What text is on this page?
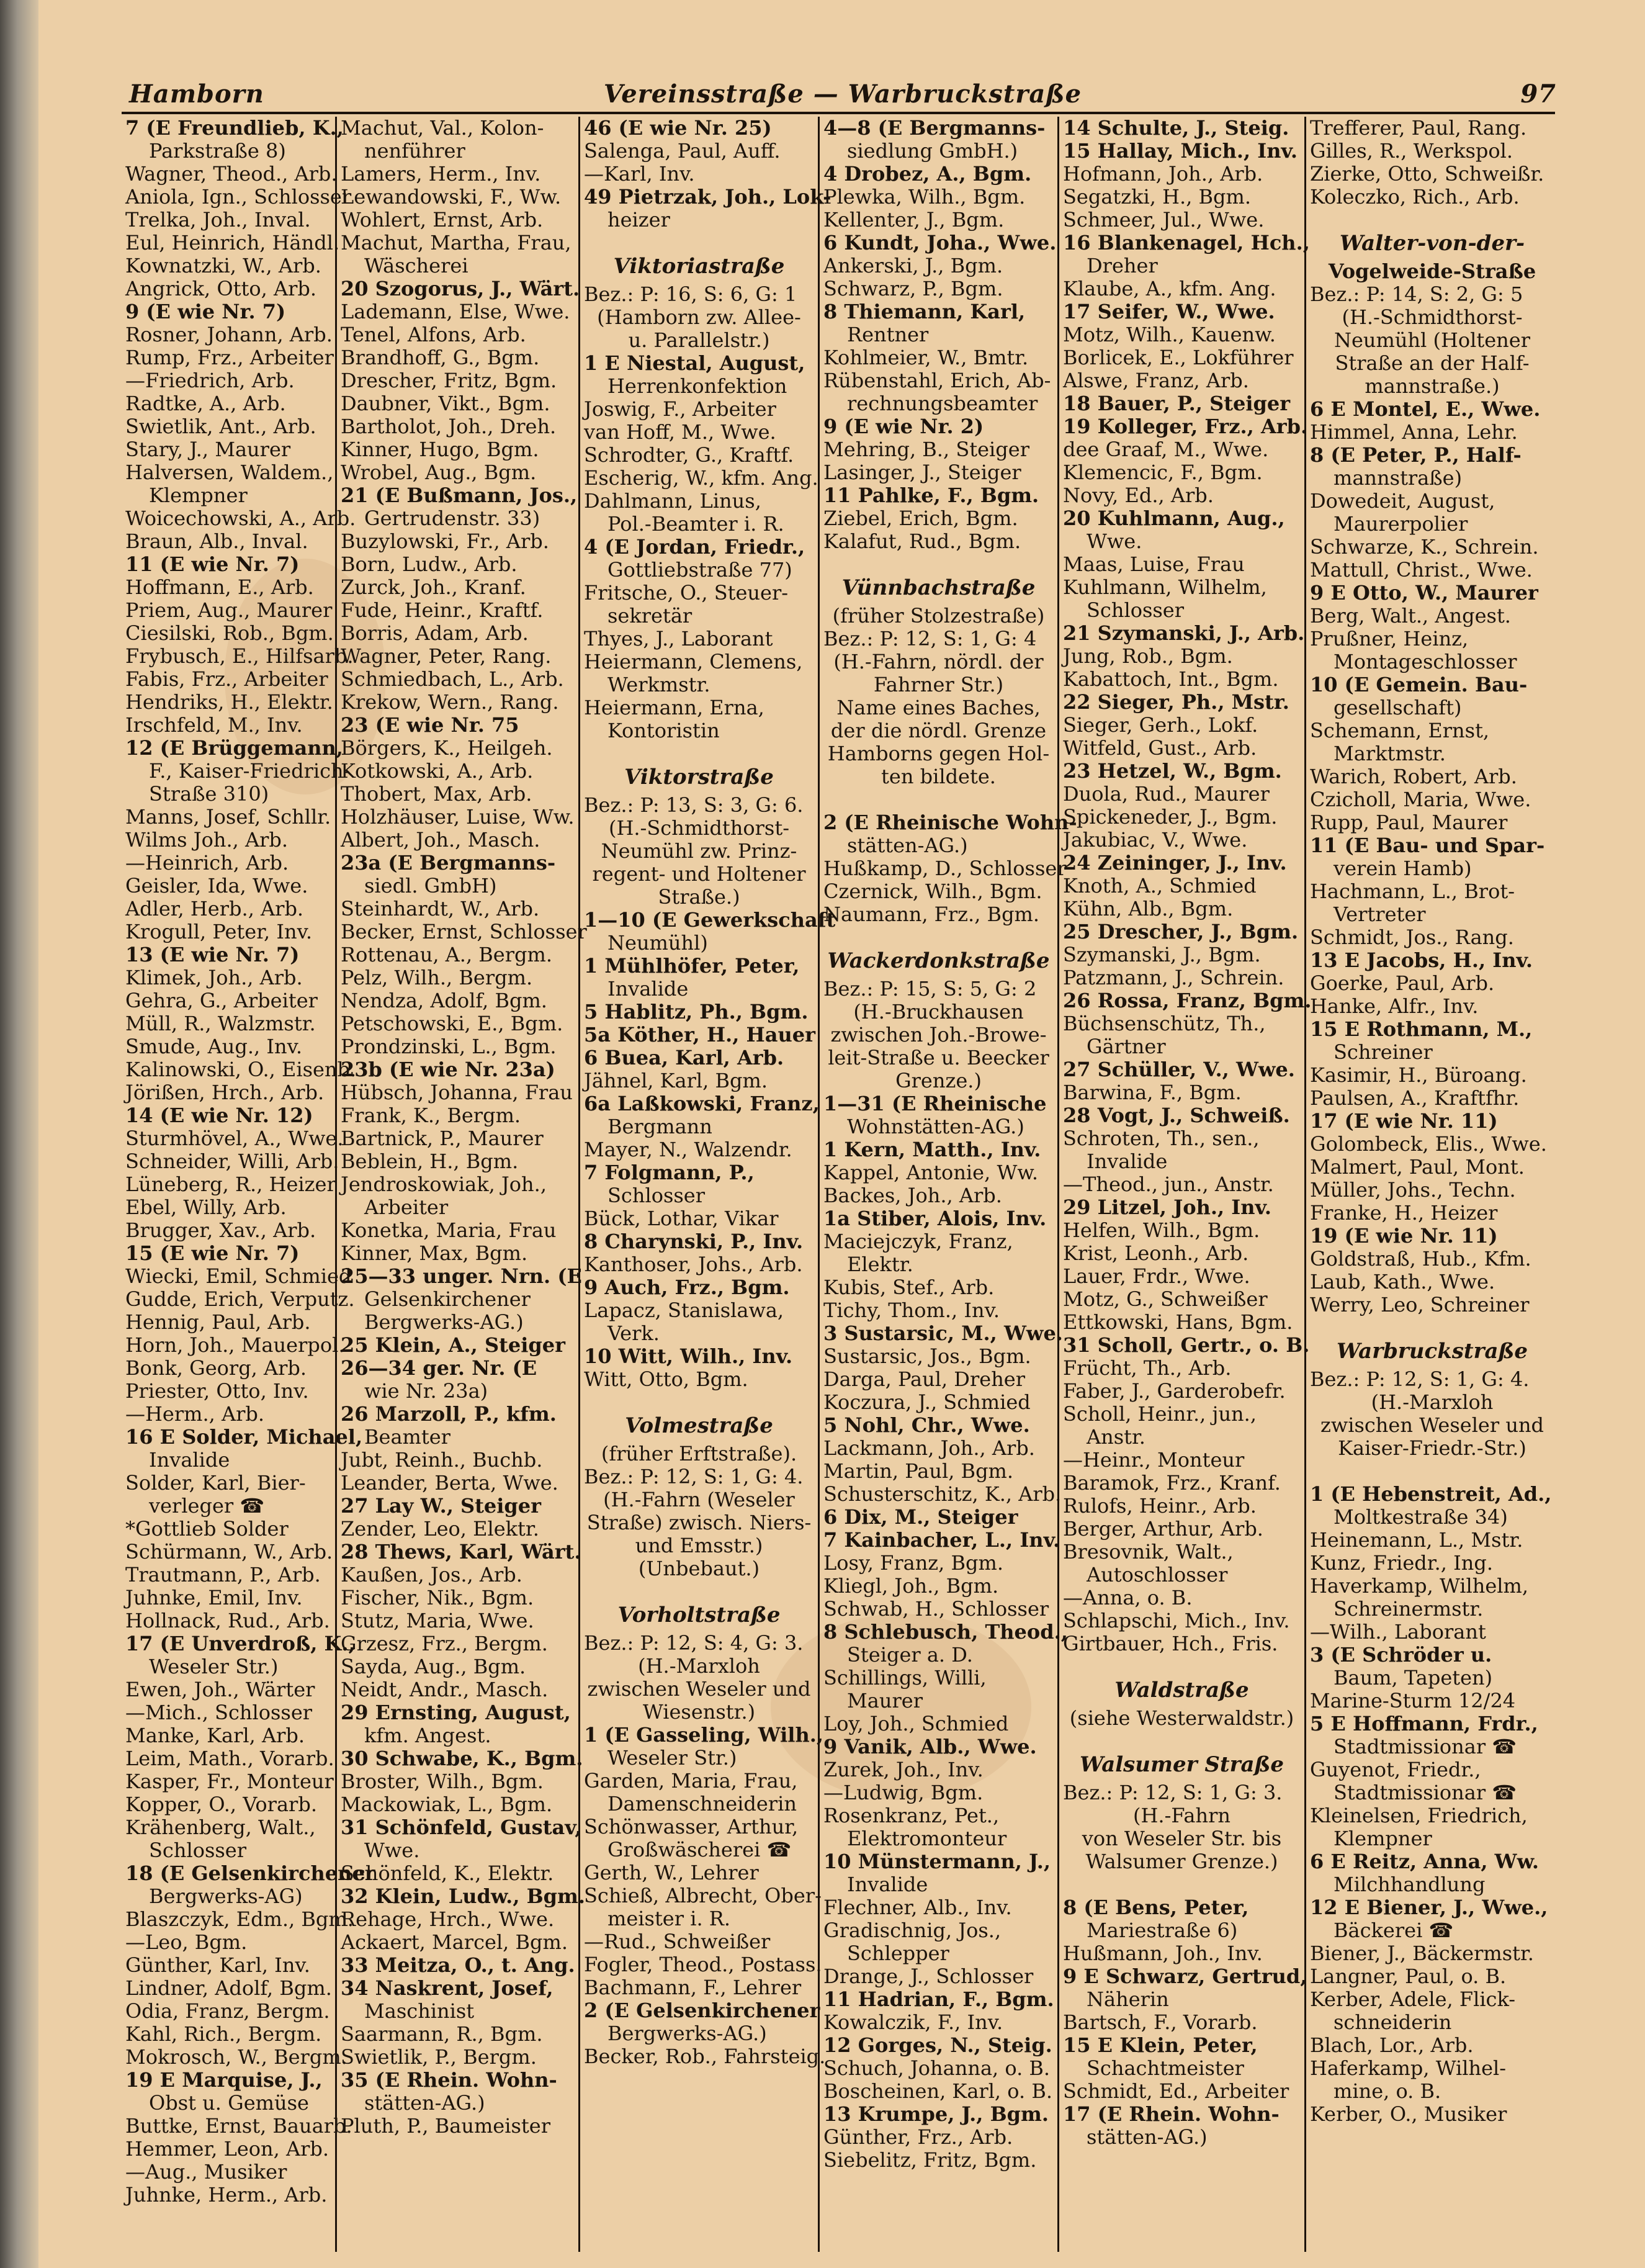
Hamborn	Vereinsstraße — Warbruckstraße	97
7 (E Freundlieb, K.,
Parkstraße 8)
Wagner, Theod., Arb.
Aniola, Ign., Schlosser
Trelka, Joh., Inval.
Eul, Heinrich, Händl.
Kownatzki, W., Arb.
Angrick, Otto, Arb.
9 (E wie Nr. 7)
Rosner, Johann, Arb.
Rump, Frz., Arbeiter
—Friedrich, Arb.
Radtke, A., Arb.
Swietlik, Ant., Arb.
Stary, J., Maurer
Halversen, Waldem.,
Klempner
Woicechowski, A., Arb.
Braun, Alb., Inval.
11 (E wie Nr. 7)
Hoffmann, E., Arb.
Priem, Aug., Maurer
Ciesilski, Rob., Bgm.
Frybusch, E., Hilfsarb.
Fabis, Frz., Arbeiter
Hendriks, H., Elektr.
Irschfeld, M., Inv.
12 (E Brüggemann,
F., Kaiser-Friedrich-
Straße 310)
Manns, Josef, Schllr.
Wilms Joh., Arb.
—Heinrich, Arb.
Geisler, Ida, Wwe.
Adler, Herb., Arb.
Krogull, Peter, Inv.
13 (E wie Nr. 7)
Klimek, Joh., Arb.
Gehra, G., Arbeiter
Müll, R., Walzmstr.
Smude, Aug., Inv.
Kalinowski, O., Eisenb.
Jörißen, Hrch., Arb.
14 (E wie Nr. 12)
Sturmhövel, A., Wwe.
Schneider, Willi, Arb.
Lüneberg, R., Heizer
Ebel, Willy, Arb.
Brugger, Xav., Arb.
15 (E wie Nr. 7)
Wiecki, Emil, Schmied
Gudde, Erich, Verputz.
Hennig, Paul, Arb.
Horn, Joh., Mauerpol.
Bonk, Georg, Arb.
Priester, Otto, Inv.
—Herm., Arb.
16 E Solder, Michael,
Invalide
Solder, Karl, Bier-
verleger ☎
*Gottlieb Solder
Schürmann, W., Arb.
Trautmann, P., Arb.
Juhnke, Emil, Inv.
Hollnack, Rud., Arb.
17 (E Unverdroß, K.,
Weseler Str.)
Ewen, Joh., Wärter
—Mich., Schlosser
Manke, Karl, Arb.
Leim, Math., Vorarb.
Kasper, Fr., Monteur
Kopper, O., Vorarb.
Krähenberg, Walt.,
Schlosser
18 (E Gelsenkirchener
Bergwerks-AG)
Blaszczyk, Edm., Bgm.
—Leo, Bgm.
Günther, Karl, Inv.
Lindner, Adolf, Bgm.
Odia, Franz, Bergm.
Kahl, Rich., Bergm.
Mokrosch, W., Bergm.
19 E Marquise, J.,
Obst u. Gemüse
Buttke, Ernst, Bauarb.
Hemmer, Leon, Arb.
—Aug., Musiker
Juhnke, Herm., Arb.
Machut, Val., Kolon-
nenführer
Lamers, Herm., Inv.
Lewandowski, F., Ww.
Wohlert, Ernst, Arb.
Machut, Martha, Frau,
Wäscherei
20 Szogorus, J., Wärt.
Lademann, Else, Wwe.
Tenel, Alfons, Arb.
Brandhoff, G., Bgm.
Drescher, Fritz, Bgm.
Daubner, Vikt., Bgm.
Bartholot, Joh., Dreh.
Kinner, Hugo, Bgm.
Wrobel, Aug., Bgm.
21 (E Bußmann, Jos.,
Gertrudenstr. 33)
Buzylowski, Fr., Arb.
Born, Ludw., Arb.
Zurck, Joh., Kranf.
Fude, Heinr., Kraftf.
Borris, Adam, Arb.
Wagner, Peter, Rang.
Schmiedbach, L., Arb.
Krekow, Wern., Rang.
23 (E wie Nr. 75
Börgers, K., Heilgeh.
Kotkowski, A., Arb.
Thobert, Max, Arb.
Holzhäuser, Luise, Ww.
Albert, Joh., Masch.
23a (E Bergmanns-
siedl. GmbH)
Steinhardt, W., Arb.
Becker, Ernst, Schlosser
Rottenau, A., Bergm.
Pelz, Wilh., Bergm.
Nendza, Adolf, Bgm.
Petschowski, E., Bgm.
Prondzinski, L., Bgm.
23b (E wie Nr. 23a)
Hübsch, Johanna, Frau
Frank, K., Bergm.
Bartnick, P., Maurer
Beblein, H., Bgm.
Jendroskowiak, Joh.,
Arbeiter
Konetka, Maria, Frau
Kinner, Max, Bgm.
25—33 unger. Nrn. (E
Gelsenkirchener
Bergwerks-AG.)
25 Klein, A., Steiger
26—34 ger. Nr. (E
wie Nr. 23a)
26 Marzoll, P., kfm.
Beamter
Jubt, Reinh., Buchb.
Leander, Berta, Wwe.
27 Lay W., Steiger
Zender, Leo, Elektr.
28 Thews, Karl, Wärt.
Kaußen, Jos., Arb.
Fischer, Nik., Bgm.
Stutz, Maria, Wwe.
Grzesz, Frz., Bergm.
Sayda, Aug., Bgm.
Neidt, Andr., Masch.
29 Ernsting, August,
kfm. Angest.
30 Schwabe, K., Bgm.
Broster, Wilh., Bgm.
Mackowiak, L., Bgm.
31 Schönfeld, Gustav,
Wwe.
Schönfeld, K., Elektr.
32 Klein, Ludw., Bgm.
Rehage, Hrch., Wwe.
Ackaert, Marcel, Bgm.
33 Meitza, O., t. Ang.
34 Naskrent, Josef,
Maschinist
Saarmann, R., Bgm.
Swietlik, P., Bergm.
35 (E Rhein. Wohn-
stätten-AG.)
Pluth, P., Baumeister
46 (E wie Nr. 25)
Salenga, Paul, Auff.
—Karl, Inv.
49 Pietrzak, Joh., Lok-
heizer
Viktoriastraße
Bez.: P: 16, S: 6, G: 1
(Hamborn zw. Allee-
u. Parallelstr.)
1 E Niestal, August,
Herrenkonfektion
Joswig, F., Arbeiter
van Hoff, M., Wwe.
Schrodter, G., Kraftf.
Escherig, W., kfm. Ang.
Dahlmann, Linus,
Pol.-Beamter i. R.
4 (E Jordan, Friedr.,
Gottliebstraße 77)
Fritsche, O., Steuer-
sekretär
Thyes, J., Laborant
Heiermann, Clemens,
Werkmstr.
Heiermann, Erna,
Kontoristin
Viktorstraße
Bez.: P: 13, S: 3, G: 6.
(H.-Schmidthorst-
Neumühl zw. Prinz-
regent- und Holtener
Straße.)
1—10 (E Gewerkschaft
Neumühl)
1 Mühlhöfer, Peter,
Invalide
5 Hablitz, Ph., Bgm.
5a Köther, H., Hauer
6 Buea, Karl, Arb.
Jähnel, Karl, Bgm.
6a Laßkowski, Franz,
Bergmann
Mayer, N., Walzendr.
7 Folgmann, P.,
Schlosser
Bück, Lothar, Vikar
8 Charynski, P., Inv.
Kanthoser, Johs., Arb.
9 Auch, Frz., Bgm.
Lapacz, Stanislawa,
Verk.
10 Witt, Wilh., Inv.
Witt, Otto, Bgm.
Volmestraße
(früher Erftstraße).
Bez.: P: 12, S: 1, G: 4.
(H.-Fahrn (Weseler
Straße) zwisch. Niers-
und Emsstr.)
(Unbebaut.)
Vorholtstraße
Bez.: P: 12, S: 4, G: 3.
(H.-Marxloh
zwischen Weseler und
Wiesenstr.)
1 (E Gasseling, Wilh.,
Weseler Str.)
Garden, Maria, Frau,
Damenschneiderin
Schönwasser, Arthur,
Großwäscherei ☎
Gerth, W., Lehrer
Schieß, Albrecht, Ober-
meister i. R.
—Rud., Schweißer
Fogler, Theod., Postass.
Bachmann, F., Lehrer
2 (E Gelsenkirchener
Bergwerks-AG.)
Becker, Rob., Fahrsteig.
4—8 (E Bergmanns-
siedlung GmbH.)
4 Drobez, A., Bgm.
Plewka, Wilh., Bgm.
Kellenter, J., Bgm.
6 Kundt, Joha., Wwe.
Ankerski, J., Bgm.
Schwarz, P., Bgm.
8 Thiemann, Karl,
Rentner
Kohlmeier, W., Bmtr.
Rübenstahl, Erich, Ab-
rechnungsbeamter
9 (E wie Nr. 2)
Mehring, B., Steiger
Lasinger, J., Steiger
11 Pahlke, F., Bgm.
Ziebel, Erich, Bgm.
Kalafut, Rud., Bgm.
Vünnbachstraße
(früher Stolzestraße)
Bez.: P: 12, S: 1, G: 4
(H.-Fahrn, nördl. der
Fahrner Str.)
Name eines Baches,
der die nördl. Grenze
Hamborns gegen Hol-
ten bildete.
2 (E Rheinische Wohn-
stätten-AG.)
Hußkamp, D., Schlosser
Czernick, Wilh., Bgm.
Naumann, Frz., Bgm.
Wackerdonkstraße
Bez.: P: 15, S: 5, G: 2
(H.-Bruckhausen
zwischen Joh.-Browe-
leit-Straße u. Beecker
Grenze.)
1—31 (E Rheinische
Wohnstätten-AG.)
1 Kern, Matth., Inv.
Kappel, Antonie, Ww.
Backes, Joh., Arb.
1a Stiber, Alois, Inv.
Maciejczyk, Franz,
Elektr.
Kubis, Stef., Arb.
Tichy, Thom., Inv.
3 Sustarsic, M., Wwe.
Sustarsic, Jos., Bgm.
Darga, Paul, Dreher
Koczura, J., Schmied
5 Nohl, Chr., Wwe.
Lackmann, Joh., Arb.
Martin, Paul, Bgm.
Schusterschitz, K., Arb.
6 Dix, M., Steiger
7 Kainbacher, L., Inv.
Losy, Franz, Bgm.
Kliegl, Joh., Bgm.
Schwab, H., Schlosser
8 Schlebusch, Theod.,
Steiger a. D.
Schillings, Willi,
Maurer
Loy, Joh., Schmied
9 Vanik, Alb., Wwe.
Zurek, Joh., Inv.
—Ludwig, Bgm.
Rosenkranz, Pet.,
Elektromonteur
10 Münstermann, J.,
Invalide
Flechner, Alb., Inv.
Gradischnig, Jos.,
Schlepper
Drange, J., Schlosser
11 Hadrian, F., Bgm.
Kowalczik, F., Inv.
12 Gorges, N., Steig.
Schuch, Johanna, o. B.
Boscheinen, Karl, o. B.
13 Krumpe, J., Bgm.
Günther, Frz., Arb.
Siebelitz, Fritz, Bgm.
14 Schulte, J., Steig.
15 Hallay, Mich., Inv.
Hofmann, Joh., Arb.
Segatzki, H., Bgm.
Schmeer, Jul., Wwe.
16 Blankenagel, Hch.,
Dreher
Klaube, A., kfm. Ang.
17 Seifer, W., Wwe.
Motz, Wilh., Kauenw.
Borlicek, E., Lokführer
Alswe, Franz, Arb.
18 Bauer, P., Steiger
19 Kolleger, Frz., Arb.
dee Graaf, M., Wwe.
Klemencic, F., Bgm.
Novy, Ed., Arb.
20 Kuhlmann, Aug.,
Wwe.
Maas, Luise, Frau
Kuhlmann, Wilhelm,
Schlosser
21 Szymanski, J., Arb.
Jung, Rob., Bgm.
Kabattoch, Int., Bgm.
22 Sieger, Ph., Mstr.
Sieger, Gerh., Lokf.
Witfeld, Gust., Arb.
23 Hetzel, W., Bgm.
Duola, Rud., Maurer
Spickeneder, J., Bgm.
Jakubiac, V., Wwe.
24 Zeininger, J., Inv.
Knoth, A., Schmied
Kühn, Alb., Bgm.
25 Drescher, J., Bgm.
Szymanski, J., Bgm.
Patzmann, J., Schrein.
26 Rossa, Franz, Bgm.
Büchsenschütz, Th.,
Gärtner
27 Schüller, V., Wwe.
Barwina, F., Bgm.
28 Vogt, J., Schweiß.
Schroten, Th., sen.,
Invalide
—Theod., jun., Anstr.
29 Litzel, Joh., Inv.
Helfen, Wilh., Bgm.
Krist, Leonh., Arb.
Lauer, Frdr., Wwe.
Motz, G., Schweißer
Ettkowski, Hans, Bgm.
31 Scholl, Gertr., o. B.
Frücht, Th., Arb.
Faber, J., Garderobefr.
Scholl, Heinr., jun.,
Anstr.
—Heinr., Monteur
Baramok, Frz., Kranf.
Rulofs, Heinr., Arb.
Berger, Arthur, Arb.
Bresovnik, Walt.,
Autoschlosser
—Anna, o. B.
Schlapschi, Mich., Inv.
Girtbauer, Hch., Fris.
Waldstraße
(siehe Westerwaldstr.)
Walsumer Straße
Bez.: P: 12, S: 1, G: 3.
(H.-Fahrn
von Weseler Str. bis
Walsumer Grenze.)
8 (E Bens, Peter,
Mariestraße 6)
Hußmann, Joh., Inv.
9 E Schwarz, Gertrud,
Näherin
Bartsch, F., Vorarb.
15 E Klein, Peter,
Schachtmeister
Schmidt, Ed., Arbeiter
17 (E Rhein. Wohn-
stätten-AG.)
Trefferer, Paul, Rang.
Gilles, R., Werkspol.
Zierke, Otto, Schweißr.
Koleczko, Rich., Arb.
Walter-von-der-
Vogelweide-Straße
Bez.: P: 14, S: 2, G: 5
(H.-Schmidthorst-
Neumühl (Holtener
Straße an der Half-
mannstraße.)
6 E Montel, E., Wwe.
Himmel, Anna, Lehr.
8 (E Peter, P., Half-
mannstraße)
Dowedeit, August,
Maurerpolier
Schwarze, K., Schrein.
Mattull, Christ., Wwe.
9 E Otto, W., Maurer
Berg, Walt., Angest.
Prußner, Heinz,
Montageschlosser
10 (E Gemein. Bau-
gesellschaft)
Schemann, Ernst,
Marktmstr.
Warich, Robert, Arb.
Czicholl, Maria, Wwe.
Rupp, Paul, Maurer
11 (E Bau- und Spar-
verein Hamb)
Hachmann, L., Brot-
Vertreter
Schmidt, Jos., Rang.
13 E Jacobs, H., Inv.
Goerke, Paul, Arb.
Hanke, Alfr., Inv.
15 E Rothmann, M.,
Schreiner
Kasimir, H., Büroang.
Paulsen, A., Kraftfhr.
17 (E wie Nr. 11)
Golombeck, Elis., Wwe.
Malmert, Paul, Mont.
Müller, Johs., Techn.
Franke, H., Heizer
19 (E wie Nr. 11)
Goldstraß, Hub., Kfm.
Laub, Kath., Wwe.
Werry, Leo, Schreiner
Warbruckstraße
Bez.: P: 12, S: 1, G: 4.
(H.-Marxloh
zwischen Weseler und
Kaiser-Friedr.-Str.)
1 (E Hebenstreit, Ad.,
Moltkestraße 34)
Heinemann, L., Mstr.
Kunz, Friedr., Ing.
Haverkamp, Wilhelm,
Schreinermstr.
—Wilh., Laborant
3 (E Schröder u.
Baum, Tapeten)
Marine-Sturm 12/24
5 E Hoffmann, Frdr.,
Stadtmissionar ☎
Guyenot, Friedr.,
Stadtmissionar ☎
Kleinelsen, Friedrich,
Klempner
6 E Reitz, Anna, Ww.
Milchhandlung
12 E Biener, J., Wwe.,
Bäckerei ☎
Biener, J., Bäckermstr.
Langner, Paul, o. B.
Kerber, Adele, Flick-
schneiderin
Blach, Lor., Arb.
Haferkamp, Wilhel-
mine, o. B.
Kerber, O., Musiker
